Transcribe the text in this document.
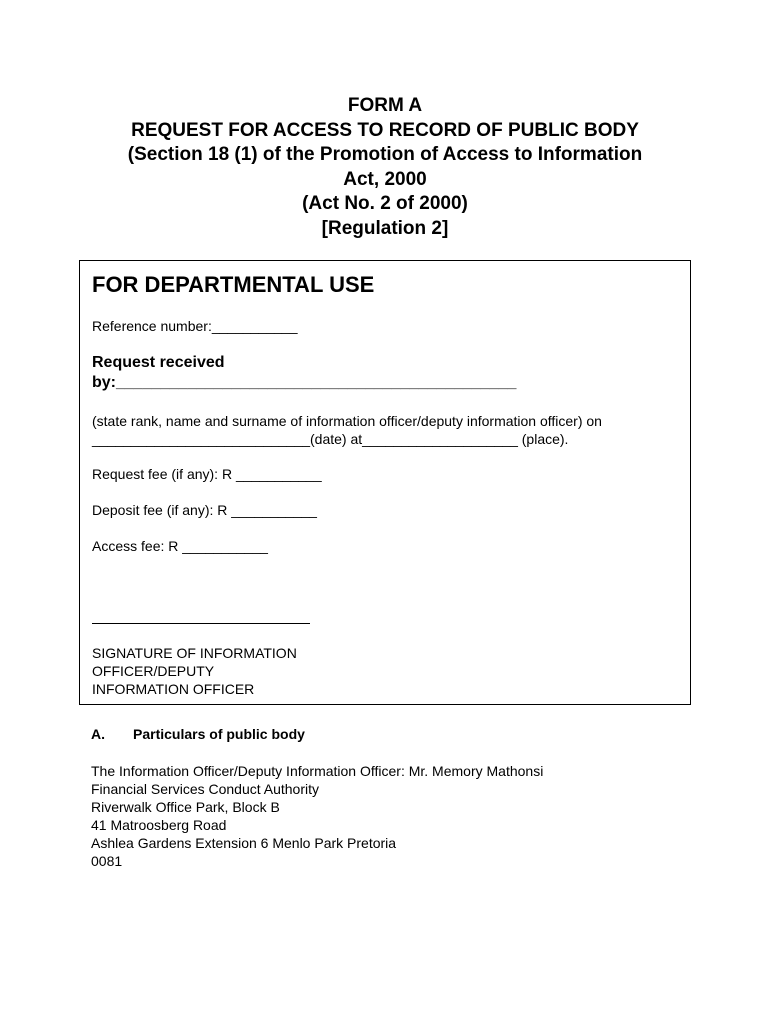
FORM A
REQUEST FOR ACCESS TO RECORD OF PUBLIC BODY
(Section 18 (1) of the Promotion of Access to Information
Act, 2000
(Act No. 2 of 2000)
[Regulation 2]
FOR DEPARTMENTAL USE
Reference number:___________
Request received
by:_____________________________________________
(state rank, name and surname of information officer/deputy information officer) on
____________________________(date) at____________________ (place).
Request fee (if any): R ___________
Deposit fee (if any): R ___________
Access fee: R ___________
SIGNATURE OF INFORMATION
OFFICER/DEPUTY
INFORMATION OFFICER
A. Particulars of public body
The Information Officer/Deputy Information Officer: Mr. Memory Mathonsi
Financial Services Conduct Authority
Riverwalk Office Park, Block B
41 Matroosberg Road
Ashlea Gardens Extension 6 Menlo Park Pretoria
0081
